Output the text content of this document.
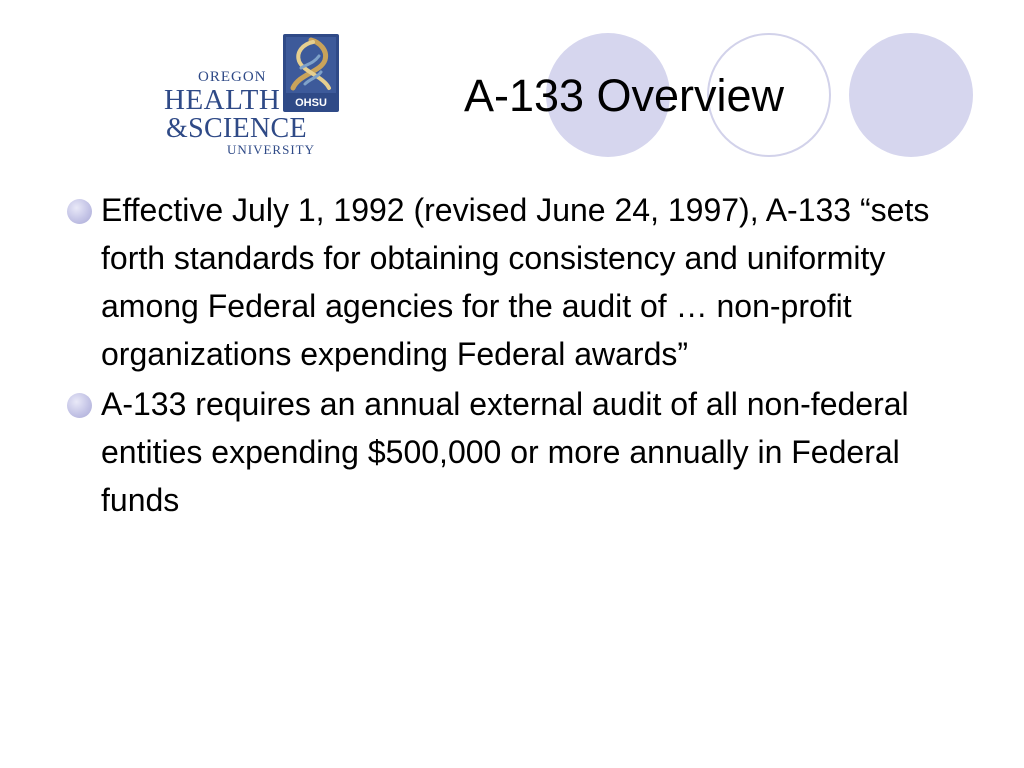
OHSU
OREGON
HEALTH
&SCIENCE
UNIVERSITY
A-133 Overview
Effective July 1, 1992 (revised June 24, 1997), A-133 “sets forth standards for obtaining consistency and uniformity among Federal agencies for the audit of … non-profit organizations expending Federal awards”
A-133 requires an annual external audit of all non-federal entities expending $500,000 or more annually in Federal funds
